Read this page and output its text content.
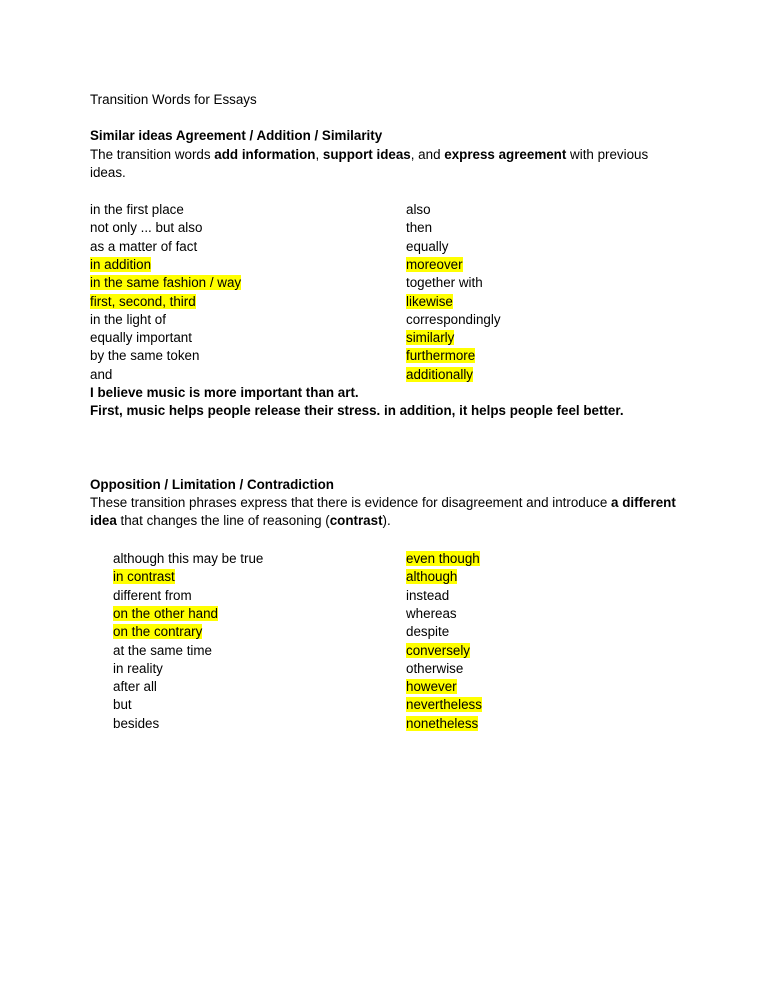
Transition Words for Essays
Similar ideas Agreement / Addition / Similarity
The transition words add information, support ideas, and express agreement with previous ideas.
in the first place
not only ... but also
as a matter of fact
in addition
in the same fashion / way
first, second, third
in the light of
equally important
by the same token
and
also
then
equally
moreover
together with
likewise
correspondingly
similarly
furthermore
additionally
I believe music is more important than art.
First, music helps people release their stress. in addition, it helps people feel better.
Opposition / Limitation / Contradiction
These transition phrases express that there is evidence for disagreement and introduce a different idea that changes the line of reasoning (contrast).
although this may be true
in contrast
different from
on the other hand
on the contrary
at the same time
in reality
after all
but
besides
even though
although
instead
whereas
despite
conversely
otherwise
however
nevertheless
nonetheless
